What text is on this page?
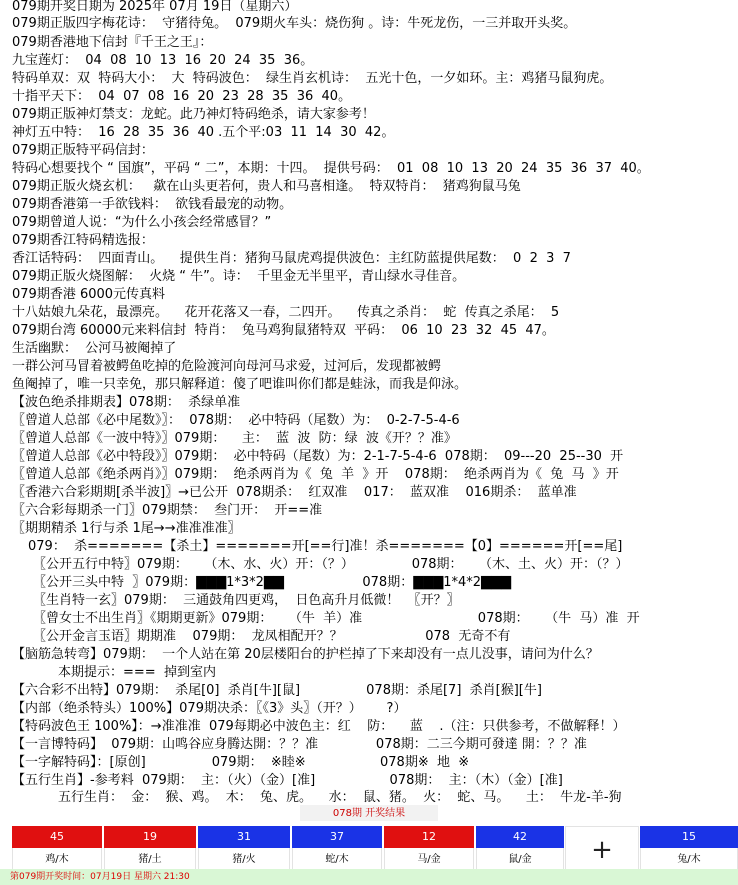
079期开奖日期为 2025年 07月 19日（星期六）
079期正版四字梅花诗：  守猪待兔。  079期火车头：烧伤狗 。诗：牛死龙伤，一三并取开头奖。
079期香港地下信封『千王之王』：
九宝莲灯：  04  08  10  13  16  20  24  35  36。
特码单双：双  特码大小：  大  特码波色：  绿生肖玄机诗：  五光十色，一夕如环。主：鸡猪马鼠狗虎。
十指平天下：  04  07  08  16  20  23  28  35  36  40。
079期正版神灯禁支：龙蛇。此乃神灯特码绝杀，请大家参考！
神灯五中特：  16  28  35  36  40 .五个平:03  11  14  30  42。
079期正版特平码信封：
特码心想要找个 “ 国旗”，平码 “ 二”，本期：十四。  提供号码：  01  08  10  13  20  24  35  36  37  40。
079期正版火烧玄机：   歘在山头更若何，贵人和马喜相逢。  特双特肖：  猪鸡狗鼠马兔
079期香港第一手欲钱料：  欲钱看最宠的动物。
079期曾道人说：“为什么小孩会经常感冒？”
079期香江特码精选报：
香江话特码：  四面青山。    提供生肖：猪狗马鼠虎鸡提供波色：主红防蓝提供尾数：  0  2  3  7
079期正版火烧图解：  火烧 “ 牛”。诗：  千里金无半里平，青山绿水寻佳音。
079期香港 6000元传真料
十八姑娘九朵花，最漂亮。    花开花落又一春，二四开。    传真之杀肖：  蛇  传真之杀尾：  5
079期台湾 60000元来料信封  特肖：  兔马鸡狗鼠猪特双  平码：  06  10  23  32  45  47。
生活幽默：  公河马被阉掉了
一群公河马冒着被鳄鱼吃掉的危险渡河向母河马求爱，过河后，发现都被鳄
鱼阉掉了，唯一只幸免，那只解释道：傻了吧谁叫你们都是蛙泳，而我是仰泳。
【波色绝杀排期表】078期：  杀绿单准
〖曾道人总部《必中尾数》〗：  078期：  必中特码（尾数）为：  0-2-7-5-4-6
〖曾道人总部《一波中特》〗079期：    主：  蓝  波  防：绿  波《开？？准》
〖曾道人总部《必中特段》〗079期：  必中特码（尾数）为：2-1-7-5-4-6  078期：  09---20  25--30  开
〖曾道人总部《绝杀两肖》〗079期：  绝杀两肖为《  兔  羊  》开    078期：  绝杀两肖为《  兔  马  》开
〖香港六合彩期期[杀半波]〗→已公开  078期杀：  红双准    017：  蓝双准    016期杀：  蓝单准
〖六合彩每期杀一门〗079期禁：  叁门开：  开==准
〖期期精杀 1行与杀 1尾→→准准准准〗
079：  杀=======【杀土】=======开[==行]准！杀=======【0】======开[==尾]
〖公开五行中特〗079期：    （木、水、火）开：（？）              078期：    （木、土、火）开：（？）
〖公开三头中特  〗079期：▇▇▇1*3*2▇▇                   078期：▇▇▇1*4*2▇▇▇
〖生肖特一玄〗079期：  三通鼓角四更鸡，  日色高升月低微！  〖开？〗
〖曾女士不出生肖〗《期期更新》079期：    （牛  羊）准                            078期：    （牛  马）准  开
〖公开金言玉语〗期期准    079期：  龙凤相配开？？                    078  无奇不有
【脑筋急转弯】079期：  一个人站在第 20层楼阳台的护栏掉了下来却没有一点儿没事，请问为什么？
本期提示：===  掉到室内
【六合彩不出特】079期：  杀尾[0]  杀肖[牛][鼠]                078期：杀尾[7]  杀肖[猴][牛]
【内部（绝杀特头）100%】079期决杀：〖《3》头〗（开？）      ?）
【特码波色王 100%】：→准准准  079每期必中波色主：红    防：    蓝    .（注：只供参考，不做解释！）
【一言博特码】  079期：山鸣谷应身腾达開：？？准              078期：二三今期可發達 開：？？准
【一字解特码】：[原创]                079期：  ※睦※                  078期※  地  ※
【五行生肖】-参考料  079期：  主：（火）（金）[准]                  078期：  主：（木）（金）[准]
五行生肖：  金：  猴、鸡。  木：  兔、虎。    水：  鼠、猪。  火：  蛇、马。    土：  牛龙-羊-狗
078期 开奖结果
45
鸡/木
19
猪/土
31
猪/火
37
蛇/木
12
马/金
42
鼠/金	+	15
兔/木
第079期开奖时间：07月19日 星期六 21:30
